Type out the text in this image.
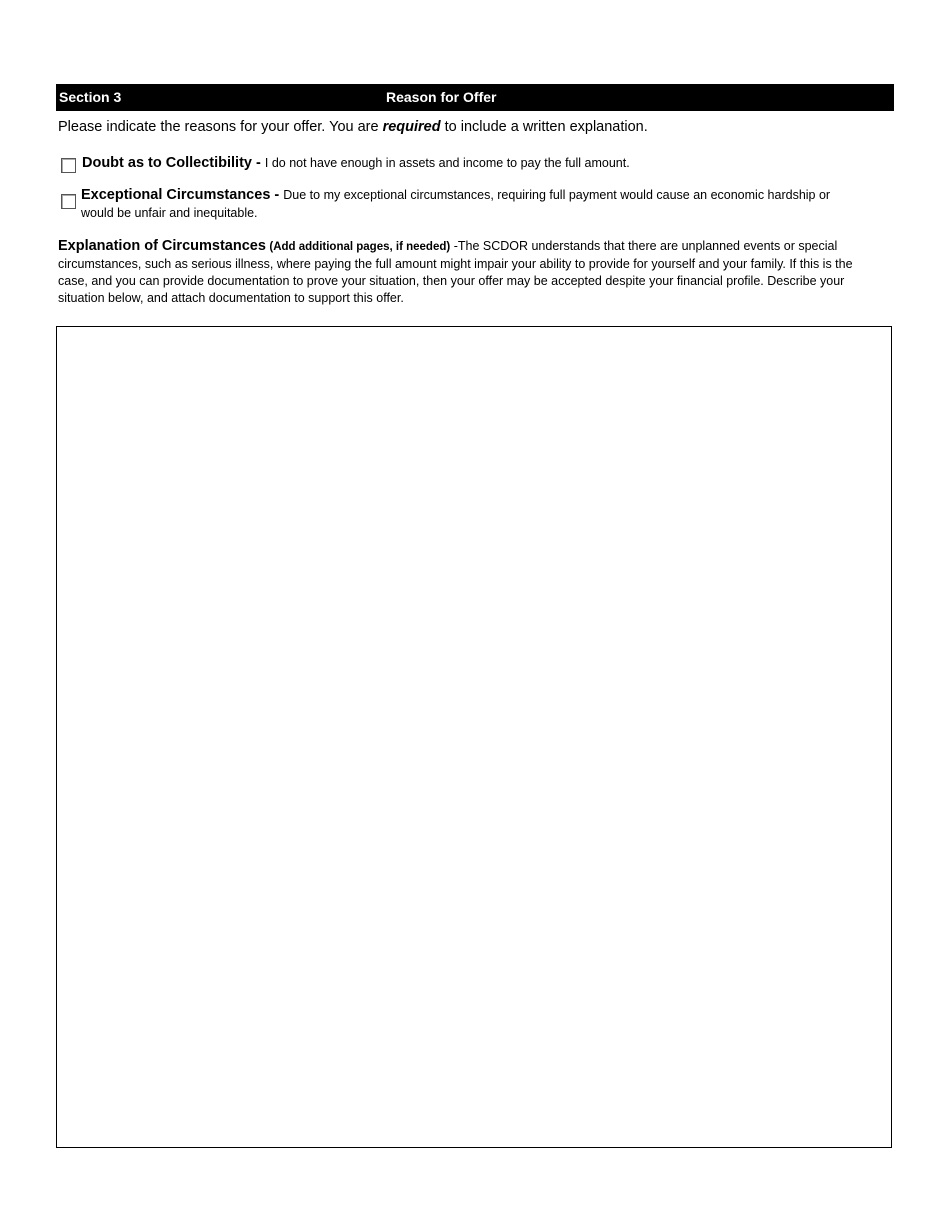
Section 3	Reason for Offer
Please indicate the reasons for your offer. You are required to include a written explanation.
Doubt as to Collectibility - I do not have enough in assets and income to pay the full amount.
Exceptional Circumstances - Due to my exceptional circumstances, requiring full payment would cause an economic hardship or would be unfair and inequitable.
Explanation of Circumstances (Add additional pages, if needed) -The SCDOR understands that there are unplanned events or special circumstances, such as serious illness, where paying the full amount might impair your ability to provide for yourself and your family. If this is the case, and you can provide documentation to prove your situation, then your offer may be accepted despite your financial profile. Describe your situation below, and attach documentation to support this offer.
